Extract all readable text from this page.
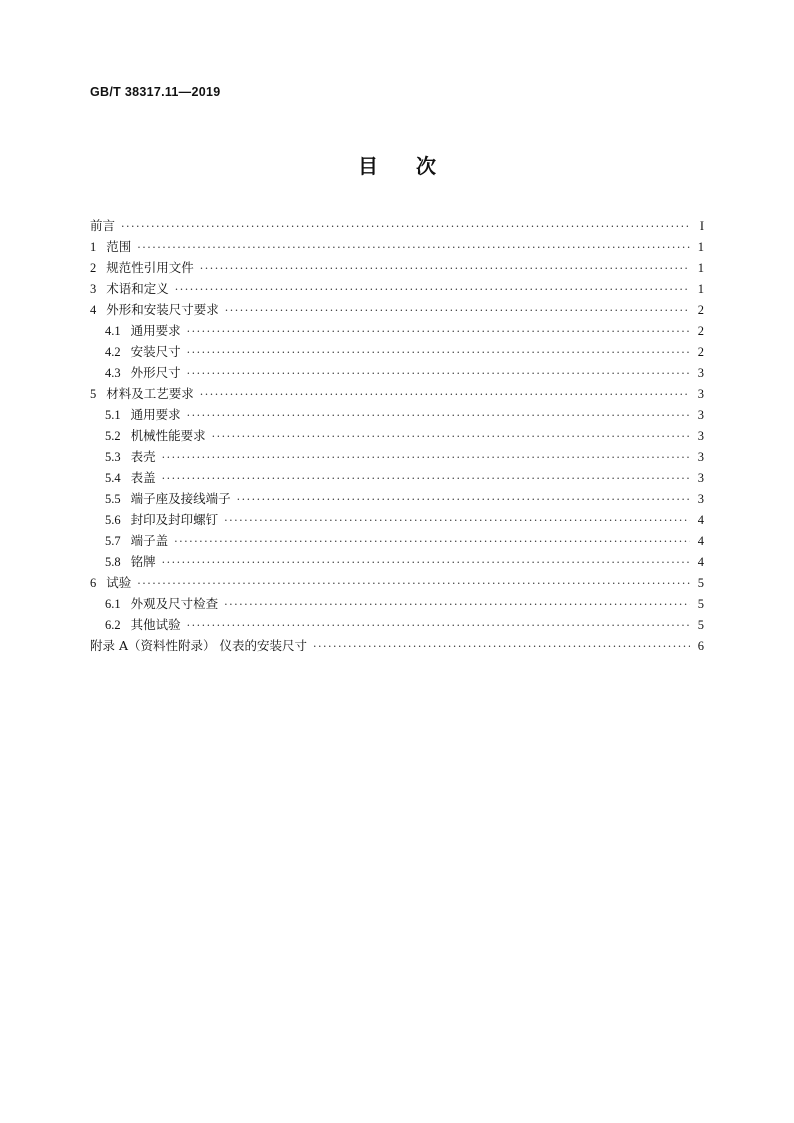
GB/T 38317.11—2019
目次
前言 ·····	I
1 范围 ·····	1
2 规范性引用文件 ·····	1
3 术语和定义 ·····	1
4 外形和安装尺寸要求 ·····	2
4.1 通用要求 ·····	2
4.2 安装尺寸 ·····	2
4.3 外形尺寸 ·····	3
5 材料及工艺要求 ·····	3
5.1 通用要求 ·····	3
5.2 机械性能要求 ·····	3
5.3 表壳 ·····	3
5.4 表盖 ·····	3
5.5 端子座及接线端子 ·····	3
5.6 封印及封印螺钉 ·····	4
5.7 端子盖 ·····	4
5.8 铭牌 ·····	4
6 试验 ·····	5
6.1 外观及尺寸检查 ·····	5
6.2 其他试验 ·····	5
附录 A（资料性附录） 仪表的安装尺寸 ·····	6
